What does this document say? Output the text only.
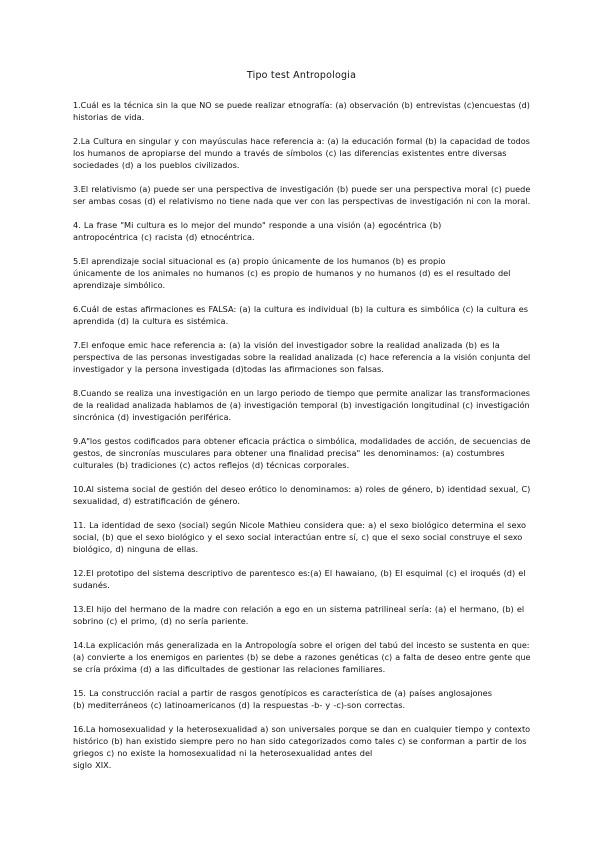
Tipo test Antropologia
1.Cuál es la técnica sin la que NO se puede realizar etnografía: (a) observación (b) entrevistas (c)encuestas (d)
historias de vida.
2.La Cultura en singular y con mayúsculas hace referencia a: (a) la educación formal (b) la capacidad de todos
los humanos de apropiarse del mundo a través de símbolos (c) las diferencias existentes entre diversas
sociedades (d) a los pueblos civilizados.
3.El relativismo (a) puede ser una perspectiva de investigación (b) puede ser una perspectiva moral (c) puede
ser ambas cosas (d) el relativismo no tiene nada que ver con las perspectivas de investigación ni con la moral.
4. La frase "Mi cultura es lo mejor del mundo" responde a una visión (a) egocéntrica (b)
antropocéntrica (c) racista (d) etnocéntrica.
5.El aprendizaje social situacional es (a) propio únicamente de los humanos (b) es propio
únicamente de los animales no humanos (c) es propio de humanos y no humanos (d) es el resultado del
aprendizaje simbólico.
6.Cuál de estas afirmaciones es FALSA: (a) la cultura es individual (b) la cultura es simbólica (c) la cultura es
aprendida (d) la cultura es sistémica.
7.El enfoque emic hace referencia a: (a) la visión del investigador sobre la realidad analizada (b) es la
perspectiva de las personas investigadas sobre la realidad analizada (c) hace referencia a la visión conjunta del
investigador y la persona investigada (d)todas las afirmaciones son falsas.
8.Cuando se realiza una investigación en un largo periodo de tiempo que permite analizar las transformaciones
de la realidad analizada hablamos de (a) investigación temporal (b) investigación longitudinal (c) investigación
sincrónica (d) investigación periférica.
9.A"los gestos codificados para obtener eficacia práctica o simbólica, modalidades de acción, de secuencias de
gestos, de sincronías musculares para obtener una finalidad precisa" les denominamos: (a) costumbres
culturales (b) tradiciones (c) actos reflejos (d) técnicas corporales.
10.Al sistema social de gestión del deseo erótico lo denominamos: a) roles de género, b) identidad sexual, C)
sexualidad, d) estratificación de género.
11. La identidad de sexo (social) según Nicole Mathieu considera que: a) el sexo biológico determina el sexo
social, (b) que el sexo biológico y el sexo social interactúan entre sí, c) que el sexo social construye el sexo
biológico, d) ninguna de ellas.
12.El prototipo del sistema descriptivo de parentesco es:(a) El hawaiano, (b) El esquimal (c) el iroqués (d) el
sudanés.
13.El hijo del hermano de la madre con relación a ego en un sistema patrilineal sería: (a) el hermano, (b) el
sobrino (c) el primo, (d) no sería pariente.
14.La explicación más generalizada en la Antropología sobre el origen del tabú del incesto se sustenta en que:
(a) convierte a los enemigos en parientes (b) se debe a razones genéticas (c) a falta de deseo entre gente que
se cría próxima (d) a las dificultades de gestionar las relaciones familiares.
15. La construcción racial a partir de rasgos genotípicos es característica de (a) países anglosajones
(b) mediterráneos (c) latinoamericanos (d) la respuestas -b- y -c)-son correctas.
16.La homosexualidad y la heterosexualidad a) son universales porque se dan en cualquier tiempo y contexto
histórico (b) han existido siempre pero no han sido categorizados como tales c) se conforman a partir de los
griegos c) no existe la homosexualidad ni la heterosexualidad antes del
siglo XIX.
